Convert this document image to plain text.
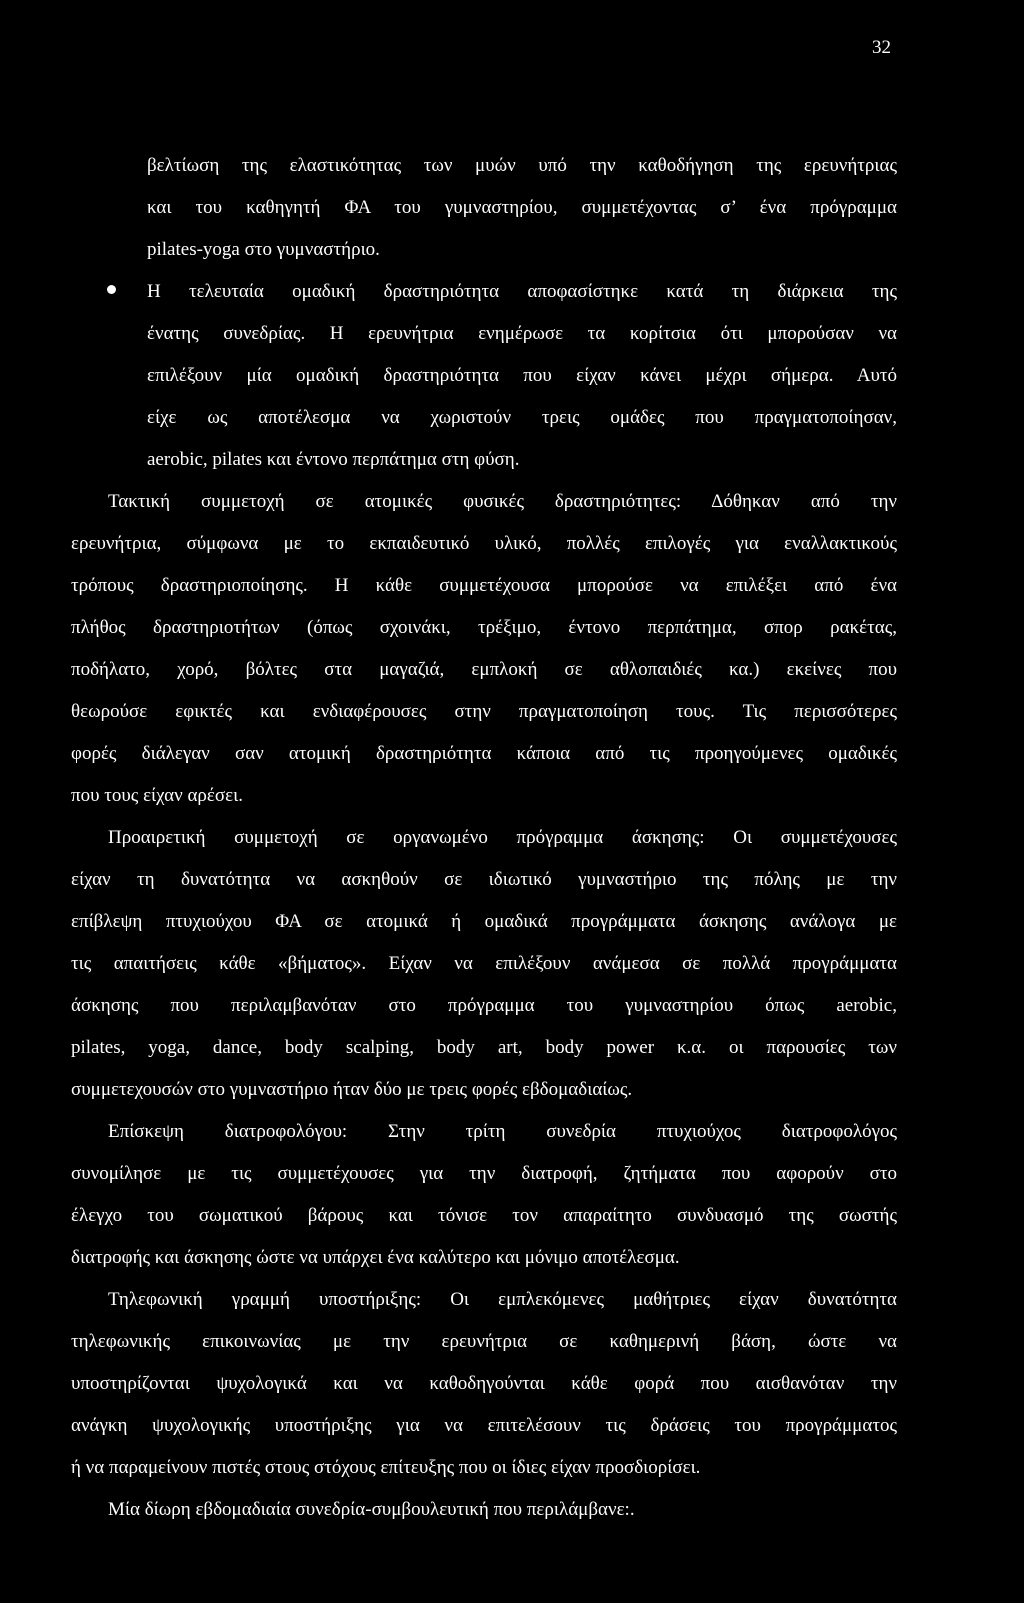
32
βελτίωση της ελαστικότητας των μυών υπό την καθοδήγηση της ερευνήτριας
και του καθηγητή ΦΑ του γυμναστηρίου, συμμετέχοντας σ’ ένα πρόγραμμα
pilates-yoga στο γυμναστήριο.
Η τελευταία ομαδική δραστηριότητα αποφασίστηκε κατά τη διάρκεια της
ένατης συνεδρίας. Η ερευνήτρια ενημέρωσε τα κορίτσια ότι μπορούσαν να
επιλέξουν μία ομαδική δραστηριότητα που είχαν κάνει μέχρι σήμερα. Αυτό
είχε ως αποτέλεσμα να χωριστούν τρεις ομάδες που πραγματοποίησαν,
aerobic, pilates και έντονο περπάτημα στη φύση.
Τακτική συμμετοχή σε ατομικές φυσικές δραστηριότητες: Δόθηκαν από την
ερευνήτρια, σύμφωνα με το εκπαιδευτικό υλικό, πολλές επιλογές για εναλλακτικούς
τρόπους δραστηριοποίησης. Η κάθε συμμετέχουσα μπορούσε να επιλέξει από ένα
πλήθος δραστηριοτήτων (όπως σχοινάκι, τρέξιμο, έντονο περπάτημα, σπορ ρακέτας,
ποδήλατο, χορό, βόλτες στα μαγαζιά, εμπλοκή σε αθλοπαιδιές κα.) εκείνες που
θεωρούσε εφικτές και ενδιαφέρουσες στην πραγματοποίηση τους. Τις περισσότερες
φορές διάλεγαν σαν ατομική δραστηριότητα κάποια από τις προηγούμενες ομαδικές
που τους είχαν αρέσει.
Προαιρετική συμμετοχή σε οργανωμένο πρόγραμμα άσκησης: Οι συμμετέχουσες
είχαν τη δυνατότητα να ασκηθούν σε ιδιωτικό γυμναστήριο της πόλης με την
επίβλεψη πτυχιούχου ΦΑ σε ατομικά ή ομαδικά προγράμματα άσκησης ανάλογα με
τις απαιτήσεις κάθε «βήματος». Είχαν να επιλέξουν ανάμεσα σε πολλά προγράμματα
άσκησης που περιλαμβανόταν στο πρόγραμμα του γυμναστηρίου όπως aerobic,
pilates, yoga, dance, body scalping, body art, body power κ.α. οι παρουσίες των
συμμετεχουσών στο γυμναστήριο ήταν δύο με τρεις φορές εβδομαδιαίως.
Επίσκεψη διατροφολόγου: Στην τρίτη συνεδρία πτυχιούχος διατροφολόγος
συνομίλησε με τις συμμετέχουσες για την διατροφή, ζητήματα που αφορούν στο
έλεγχο του σωματικού βάρους και τόνισε τον απαραίτητο συνδυασμό της σωστής
διατροφής και άσκησης ώστε να υπάρχει ένα καλύτερο και μόνιμο αποτέλεσμα.
Τηλεφωνική γραμμή υποστήριξης: Οι εμπλεκόμενες μαθήτριες είχαν δυνατότητα
τηλεφωνικής επικοινωνίας με την ερευνήτρια σε καθημερινή βάση, ώστε να
υποστηρίζονται ψυχολογικά και να καθοδηγούνται κάθε φορά που αισθανόταν την
ανάγκη ψυχολογικής υποστήριξης για να επιτελέσουν τις δράσεις του προγράμματος
ή να παραμείνουν πιστές στους στόχους επίτευξης που οι ίδιες είχαν προσδιορίσει.
Μία δίωρη εβδομαδιαία συνεδρία-συμβουλευτική που περιλάμβανε:.
